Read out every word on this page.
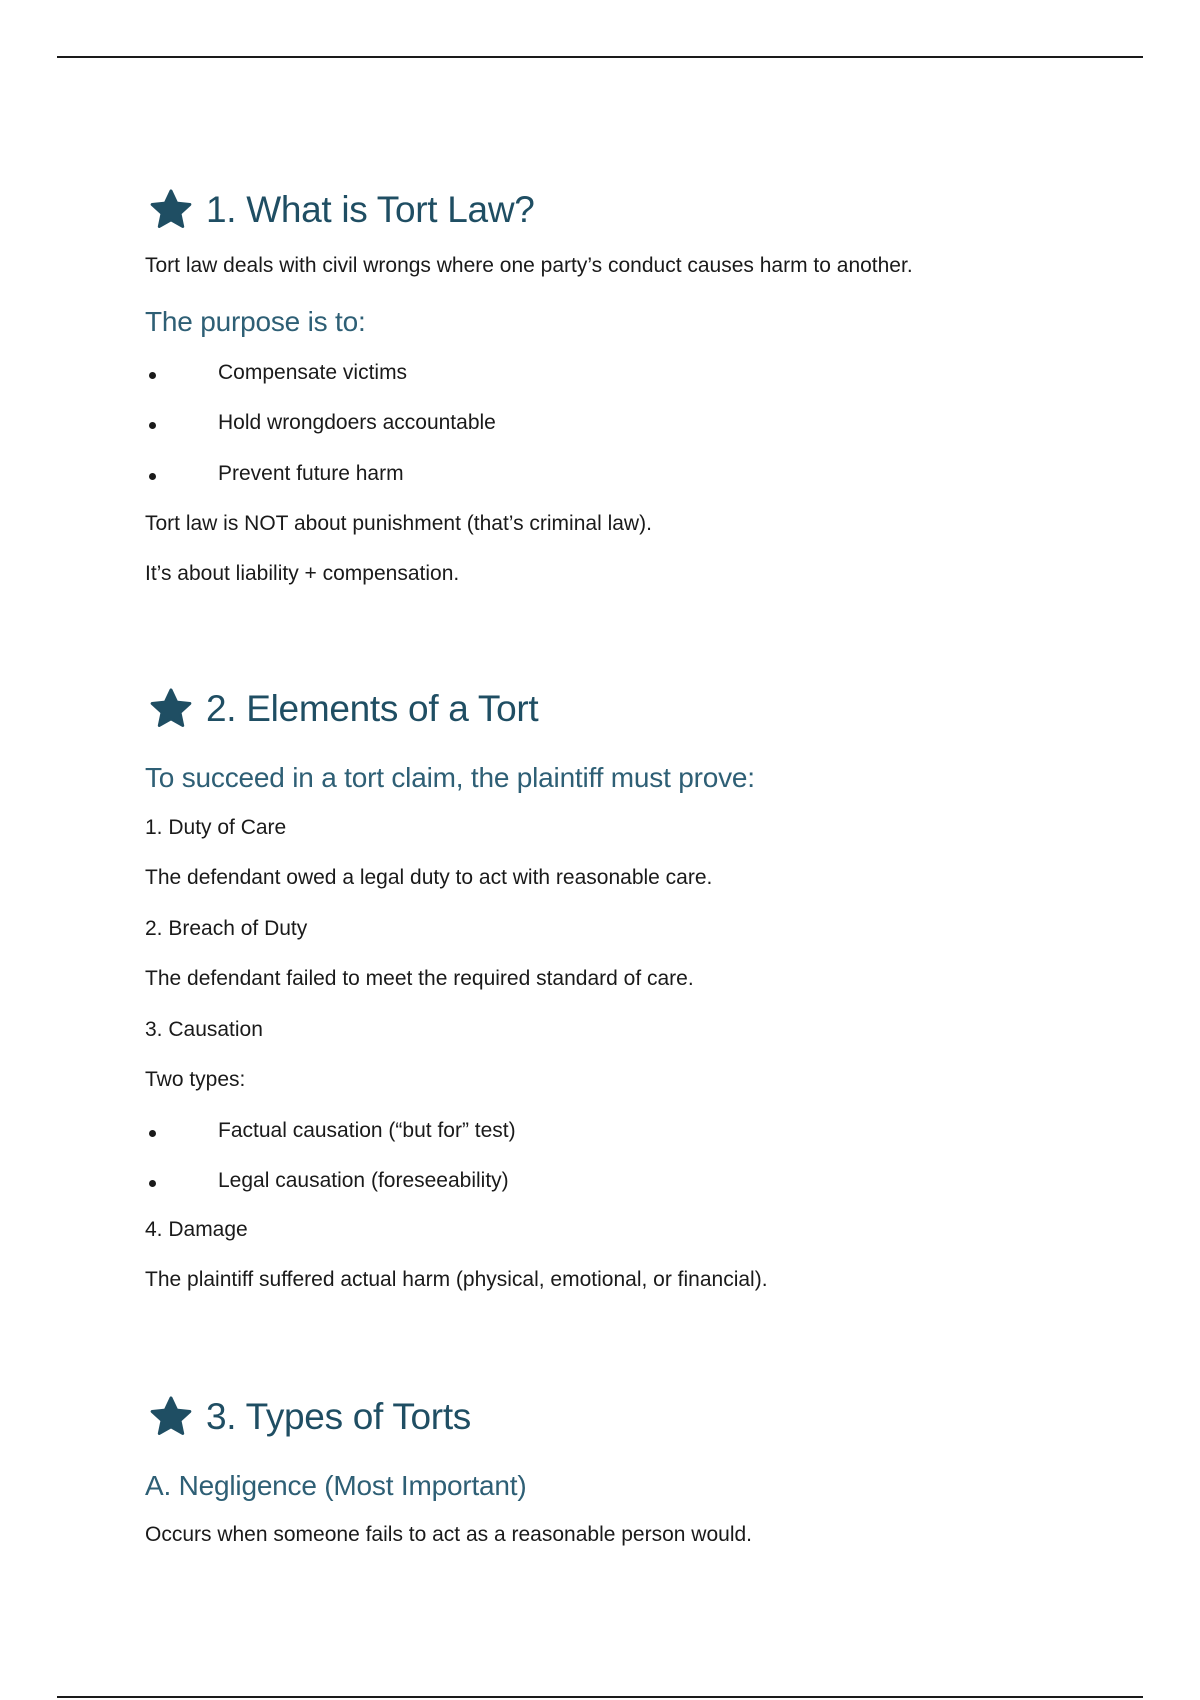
1. What is Tort Law?
Tort law deals with civil wrongs where one party’s conduct causes harm to another.
The purpose is to:
Compensate victims
Hold wrongdoers accountable
Prevent future harm
Tort law is NOT about punishment (that’s criminal law).
It’s about liability + compensation.
2. Elements of a Tort
To succeed in a tort claim, the plaintiff must prove:
1. Duty of Care
The defendant owed a legal duty to act with reasonable care.
2. Breach of Duty
The defendant failed to meet the required standard of care.
3. Causation
Two types:
Factual causation (“but for” test)
Legal causation (foreseeability)
4. Damage
The plaintiff suffered actual harm (physical, emotional, or financial).
3. Types of Torts
A. Negligence (Most Important)
Occurs when someone fails to act as a reasonable person would.
